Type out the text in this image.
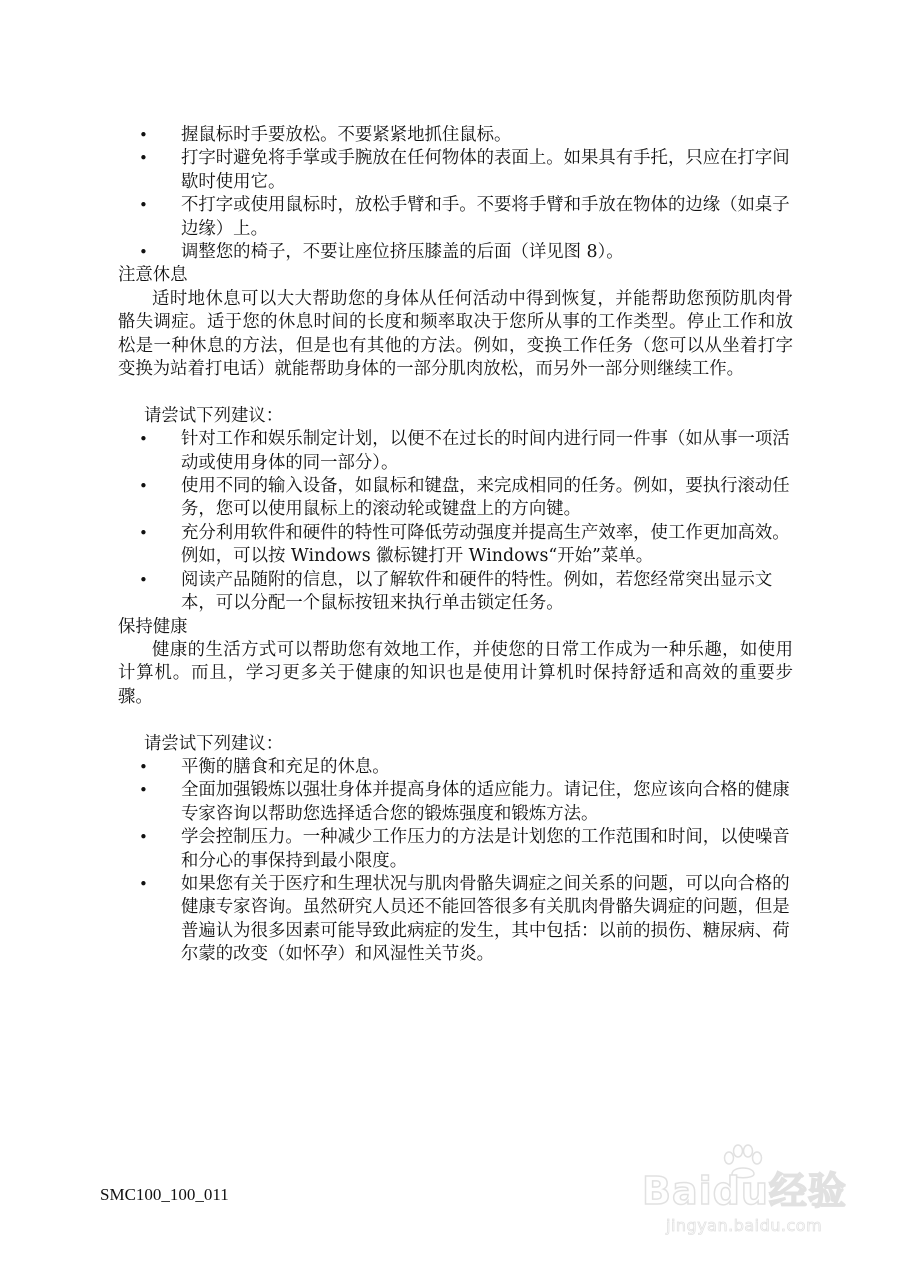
• 握鼠标时手要放松。不要紧紧地抓住鼠标。
• 打字时避免将手掌或手腕放在任何物体的表面上。如果具有手托，只应在打字间歇时使用它。
• 不打字或使用鼠标时，放松手臂和手。不要将手臂和手放在物体的边缘（如桌子边缘）上。
• 调整您的椅子，不要让座位挤压膝盖的后面（详见图 8）。
注意休息

适时地休息可以大大帮助您的身体从任何活动中得到恢复，并能帮助您预防肌肉骨骼失调症。适于您的休息时间的长度和频率取决于您所从事的工作类型。停止工作和放松是一种休息的方法，但是也有其他的方法。例如，变换工作任务（您可以从坐着打字变换为站着打电话）就能帮助身体的一部分肌肉放松，而另外一部分则继续工作。

请尝试下列建议：

• 针对工作和娱乐制定计划，以便不在过长的时间内进行同一件事（如从事一项活动或使用身体的同一部分）。
• 使用不同的输入设备，如鼠标和键盘，来完成相同的任务。例如，要执行滚动任务，您可以使用鼠标上的滚动轮或键盘上的方向键。
• 充分利用软件和硬件的特性可降低劳动强度并提高生产效率，使工作更加高效。例如，可以按 Windows 徽标键打开 Windows“开始”菜单。
• 阅读产品随附的信息，以了解软件和硬件的特性。例如，若您经常突出显示文本，可以分配一个鼠标按钮来执行单击锁定任务。
保持健康

健康的生活方式可以帮助您有效地工作，并使您的日常工作成为一种乐趣，如使用计算机。而且，学习更多关于健康的知识也是使用计算机时保持舒适和高效的重要步骤。

请尝试下列建议：

• 平衡的膳食和充足的休息。
• 全面加强锻炼以强壮身体并提高身体的适应能力。请记住，您应该向合格的健康专家咨询以帮助您选择适合您的锻炼强度和锻炼方法。
• 学会控制压力。一种减少工作压力的方法是计划您的工作范围和时间，以使噪音和分心的事保持到最小限度。
• 如果您有关于医疗和生理状况与肌肉骨骼失调症之间关系的问题，可以向合格的健康专家咨询。虽然研究人员还不能回答很多有关肌肉骨骼失调症的问题，但是普遍认为很多因素可能导致此病症的发生，其中包括：以前的损伤、糖尿病、荷尔蒙的改变（如怀孕）和风湿性关节炎。
SMC100_100_011	Baidu经验
jingyan.baidu.com
